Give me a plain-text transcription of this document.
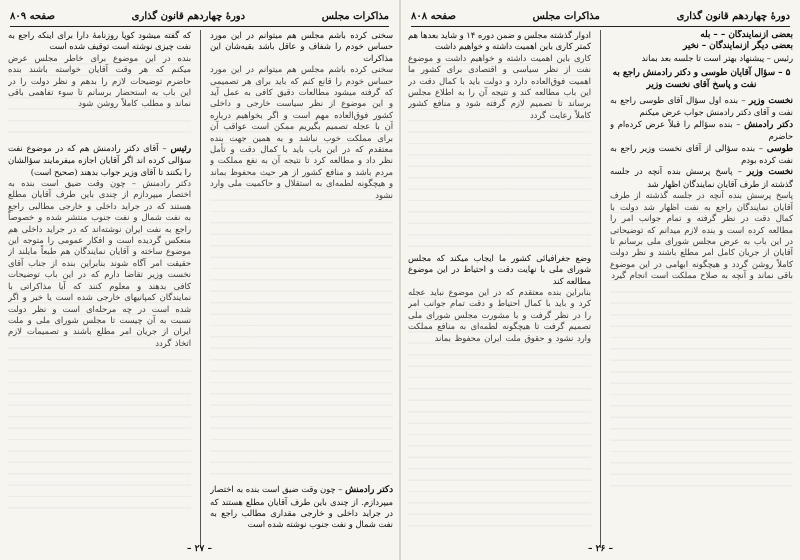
مذاکرات مجلس
دورهٔ چهاردهم قانون گذاری
صفحه ۸۰۹

سخنی کرده باشم مجلس هم میتوانم در این مورد حساس خودم را شفاف و عاقل باشد بقیه‌شان این مذاکرات

سخنی کرده باشم مجلس هم میتوانم در این مورد حساس خودم را قانع کنم که باید برای هر تصمیمی که گرفته میشود مطالعات دقیق کافی به عمل آید و این موضوع از نظر سیاست خارجی و داخلی کشور فوق‌العاده مهم است و اگر بخواهیم درباره آن با عجله تصمیم بگیریم ممکن است عواقب آن برای مملکت خوب نباشد و به همین جهت بنده معتقدم که در این باب باید با کمال دقت و تأمل نظر داد و مطالعه کرد تا نتیجه آن به نفع مملکت و مردم باشد و منافع کشور از هر حیث محفوظ بماند و هیچگونه لطمه‌ای به استقلال و حاکمیت ملی وارد نشود

دکتر رادمنش – چون وقت ضیق است بنده به اختصار میپردازم. از چندی باین طرف آقایان مطلع هستند که در جراید داخلی و خارجی مقداری مطالب راجع به نفت شمال و نفت جنوب نوشته شده است

که گفته میشود کوپا روزنامهٔ دارا برای اینکه راجع به نفت چیزی نوشته است توقیف شده است

بنده در این موضوع برای خاطر مجلس عرض میکنم که هر وقت آقایان خواسته باشند بنده حاضرم توضیحات لازم را بدهم و نظر دولت را در این باب به استحضار برسانم تا سوء تفاهمی باقی نماند و مطلب کاملاً روشن شود

رئیس – آقای دکتر رادمنش هم که در موضوع نفت سؤالی کرده اند اگر آقایان اجازه میفرمایند سؤالشان را بکنند تا آقای وزیر جواب بدهند (صحیح است)

دکتر رادمنش – چون وقت ضیق است بنده به اختصار میپردازم از چندی باین طرف آقایان مطلع هستند که در جراید داخلی و خارجی مطالبی راجع به نفت شمال و نفت جنوب منتشر شده و خصوصاً راجع به نفت ایران نوشته‌اند که در جراید داخلی هم منعکس گردیده است و افکار عمومی را متوجه این موضوع ساخته و آقایان نمایندگان هم طبعاً مایلند از حقیقت امر آگاه شوند بنابراین بنده از جناب آقای نخست وزیر تقاضا دارم که در این باب توضیحات کافی بدهند و معلوم کنند که آیا مذاکراتی با نمایندگان کمپانیهای خارجی شده است یا خیر و اگر شده است در چه مرحله‌ای است و نظر دولت نسبت به آن چیست تا مجلس شورای ملی و ملت ایران از جریان امر مطلع باشند و تصمیمات لازم اتخاذ گردد

– ۲۷ –
دورهٔ چهاردهم قانون گذاری
مذاکرات مجلس
صفحه ۸۰۸

بعضی ازنمایندگان – – بله

بعضی دیگر ازنمایندگان – نخیر

رئیس – پیشنهاد بهتر است تا جلسه بعد بماند

۵ – سؤال آقایان طوسی و دکتر رادمنش راجع به نفت و پاسخ آقای نخست وزیر

نخست وزیر – بنده اول سؤال آقای طوسی راجع به نفت و آقای دکتر رادمنش جواب عرض میکنم

دکتر رادمنش – بنده سؤالم را قبلاً عرض کرده‌ام و حاضرم

طوسی – بنده سؤالی از آقای نخست وزیر راجع به نفت کرده بودم

نخست وزیر – پاسخ پرسش بنده آنچه در جلسه گذشته از طرف آقایان نمایندگان اظهار شد

پاسخ پرسش بنده آنچه در جلسه گذشته از طرف آقایان نمایندگان راجع به نفت اظهار شد دولت با کمال دقت در نظر گرفته و تمام جوانب امر را مطالعه کرده است و بنده لازم میدانم که توضیحاتی در این باب به عرض مجلس شورای ملی برسانم تا آقایان از جریان کامل امر مطلع باشند و نظر دولت کاملاً روشن گردد و هیچگونه ابهامی در این موضوع باقی نماند و آنچه به صلاح مملکت است انجام گیرد

ادوار گذشته مجلس و ضمن دوره ۱۴ و شاید بعدها هم کمتر کاری باین اهمیت داشته و خواهیم داشت

کاری باین اهمیت داشته و خواهیم داشت و موضوع نفت از نظر سیاسی و اقتصادی برای کشور ما اهمیت فوق‌العاده دارد و دولت باید با کمال دقت در این باب مطالعه کند و نتیجه آن را به اطلاع مجلس برساند تا تصمیم لازم گرفته شود و منافع کشور کاملاً رعایت گردد

وضع جغرافیائی کشور ما ایجاب میکند که مجلس شورای ملی با نهایت دقت و احتیاط در این موضوع مطالعه کند

بنابراین بنده معتقدم که در این موضوع نباید عجله کرد و باید با کمال احتیاط و دقت تمام جوانب امر را در نظر گرفت و با مشورت مجلس شورای ملی تصمیم گرفت تا هیچگونه لطمه‌ای به منافع مملکت وارد نشود و حقوق ملت ایران محفوظ بماند

– ۲۶ –
